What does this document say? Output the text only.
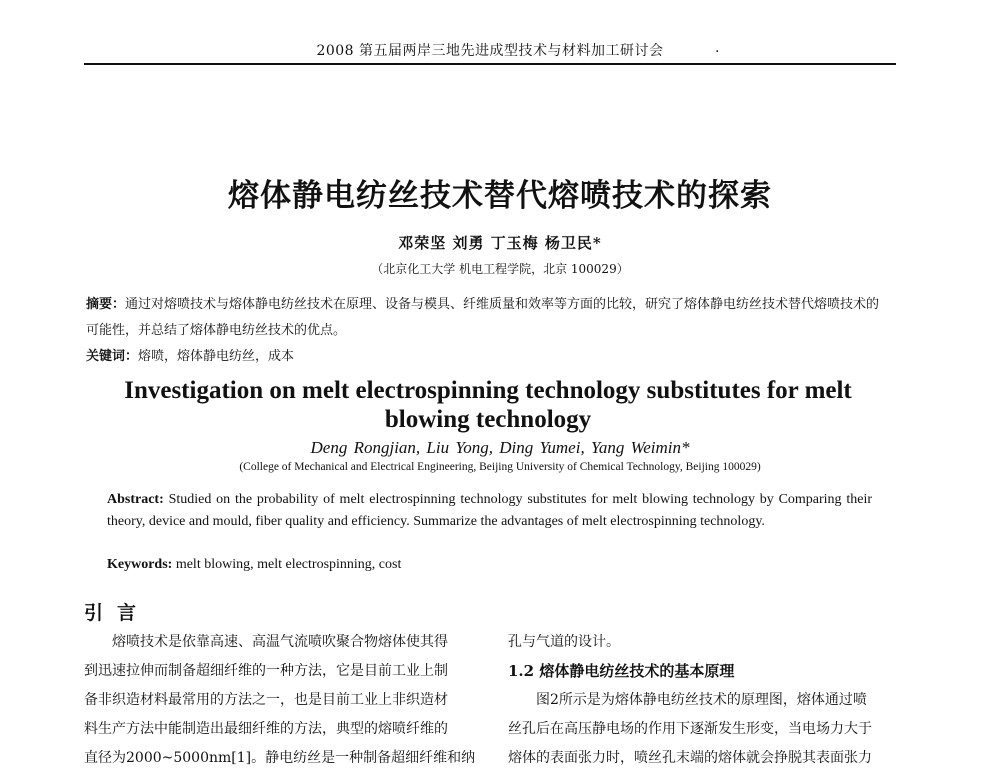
2008 第五届两岸三地先进成型技术与材料加工研讨会	.
熔体静电纺丝技术替代熔喷技术的探索
邓荣坚 刘勇 丁玉梅 杨卫民*
（北京化工大学 机电工程学院，北京 100029）
摘要：通过对熔喷技术与熔体静电纺丝技术在原理、设备与模具、纤维质量和效率等方面的比较，研究了熔体静电纺丝技术替代熔喷技术的可能性，并总结了熔体静电纺丝技术的优点。
关键词：熔喷，熔体静电纺丝，成本
Investigation on melt electrospinning technology substitutes for melt blowing technology
Deng Rongjian, Liu Yong, Ding Yumei, Yang Weimin*
(College of Mechanical and Electrical Engineering, Beijing University of Chemical Technology, Beijing 100029)
Abstract: Studied on the probability of melt electrospinning technology substitutes for melt blowing technology by Comparing their theory, device and mould, fiber quality and efficiency. Summarize the advantages of melt electrospinning technology.
Keywords: melt blowing, melt electrospinning, cost
引言

熔喷技术是依靠高速、高温气流喷吹聚合物熔体使其得

到迅速拉伸而制备超细纤维的一种方法，它是目前工业上制

备非织造材料最常用的方法之一，也是目前工业上非织造材

料生产方法中能制造出最细纤维的方法，典型的熔喷纤维的

直径为2000~5000nm[1]。静电纺丝是一种制备超细纤维和纳

孔与气道的设计。

1.2 熔体静电纺丝技术的基本原理

图2所示是为熔体静电纺丝技术的原理图，熔体通过喷

丝孔后在高压静电场的作用下逐渐发生形变，当电场力大于

熔体的表面张力时，喷丝孔末端的熔体就会挣脱其表面张力
